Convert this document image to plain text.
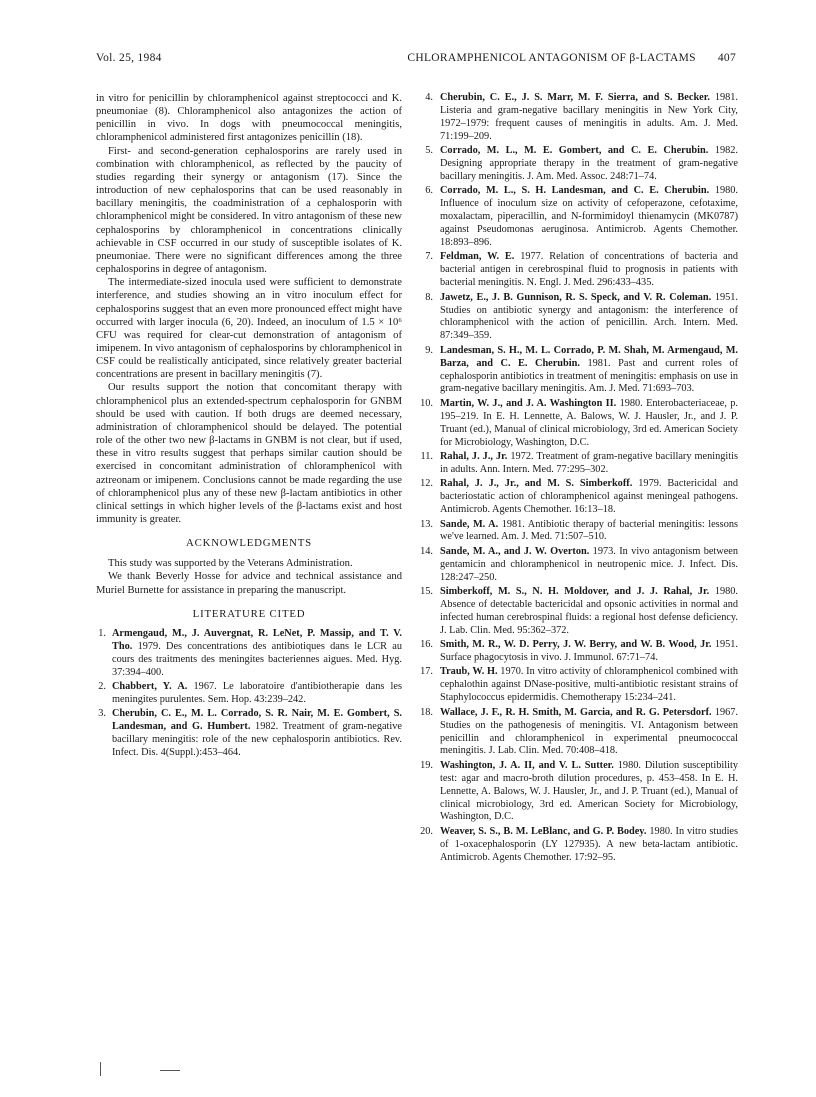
Vol. 25, 1984	CHLORAMPHENICOL ANTAGONISM OF β-LACTAMS 407

in vitro for penicillin by chloramphenicol against streptococci and K. pneumoniae (8). Chloramphenicol also antagonizes the action of penicillin in vivo. In dogs with pneumococcal meningitis, chloramphenicol administered first antagonizes penicillin (18).

First- and second-generation cephalosporins are rarely used in combination with chloramphenicol, as reflected by the paucity of studies regarding their synergy or antagonism (17). Since the introduction of new cephalosporins that can be used reasonably in bacillary meningitis, the coadministration of a cephalosporin with chloramphenicol might be considered. In vitro antagonism of these new cephalosporins by chloramphenicol in concentrations clinically achievable in CSF occurred in our study of susceptible isolates of K. pneumoniae. There were no significant differences among the three cephalosporins in degree of antagonism.

The intermediate-sized inocula used were sufficient to demonstrate interference, and studies showing an in vitro inoculum effect for cephalosporins suggest that an even more pronounced effect might have occurred with larger inocula (6, 20). Indeed, an inoculum of 1.5 × 10⁶ CFU was required for clear-cut demonstration of antagonism of imipenem. In vivo antagonism of cephalosporins by chloramphenicol in CSF could be realistically anticipated, since relatively greater bacterial concentrations are present in bacillary meningitis (7).

Our results support the notion that concomitant therapy with chloramphenicol plus an extended-spectrum cephalosporin for GNBM should be used with caution. If both drugs are deemed necessary, administration of chloramphenicol should be delayed. The potential role of the other two new β-lactams in GNBM is not clear, but if used, these in vitro results suggest that perhaps similar caution should be exercised in concomitant administration of chloramphenicol with aztreonam or imipenem. Conclusions cannot be made regarding the use of chloramphenicol plus any of these new β-lactam antibiotics in other clinical settings in which higher levels of the β-lactams exist and host immunity is greater.

ACKNOWLEDGMENTS

This study was supported by the Veterans Administration.

We thank Beverly Hosse for advice and technical assistance and Muriel Burnette for assistance in preparing the manuscript.

LITERATURE CITED
1. Armengaud, M., J. Auvergnat, R. LeNet, P. Massip, and T. V. Tho. 1979. Des concentrations des antibiotiques dans le LCR au cours des traitments des meningites bacteriennes aigues. Med. Hyg. 37:394–400.
2. Chabbert, Y. A. 1967. Le laboratoire d'antibiotherapie dans les meningites purulentes. Sem. Hop. 43:239–242.
3. Cherubin, C. E., M. L. Corrado, S. R. Nair, M. E. Gombert, S. Landesman, and G. Humbert. 1982. Treatment of gram-negative bacillary meningitis: role of the new cephalosporin antibiotics. Rev. Infect. Dis. 4(Suppl.):453–464.
4. Cherubin, C. E., J. S. Marr, M. F. Sierra, and S. Becker. 1981. Listeria and gram-negative bacillary meningitis in New York City, 1972–1979: frequent causes of meningitis in adults. Am. J. Med. 71:199–209.
5. Corrado, M. L., M. E. Gombert, and C. E. Cherubin. 1982. Designing appropriate therapy in the treatment of gram-negative bacillary meningitis. J. Am. Med. Assoc. 248:71–74.
6. Corrado, M. L., S. H. Landesman, and C. E. Cherubin. 1980. Influence of inoculum size on activity of cefoperazone, cefotaxime, moxalactam, piperacillin, and N-formimidoyl thienamycin (MK0787) against Pseudomonas aeruginosa. Antimicrob. Agents Chemother. 18:893–896.
7. Feldman, W. E. 1977. Relation of concentrations of bacteria and bacterial antigen in cerebrospinal fluid to prognosis in patients with bacterial meningitis. N. Engl. J. Med. 296:433–435.
8. Jawetz, E., J. B. Gunnison, R. S. Speck, and V. R. Coleman. 1951. Studies on antibiotic synergy and antagonism: the interference of chloramphenicol with the action of penicillin. Arch. Intern. Med. 87:349–359.
9. Landesman, S. H., M. L. Corrado, P. M. Shah, M. Armengaud, M. Barza, and C. E. Cherubin. 1981. Past and current roles of cephalosporin antibiotics in treatment of meningitis: emphasis on use in gram-negative bacillary meningitis. Am. J. Med. 71:693–703.
10. Martin, W. J., and J. A. Washington II. 1980. Enterobacteriaceae, p. 195–219. In E. H. Lennette, A. Balows, W. J. Hausler, Jr., and J. P. Truant (ed.), Manual of clinical microbiology, 3rd ed. American Society for Microbiology, Washington, D.C.
11. Rahal, J. J., Jr. 1972. Treatment of gram-negative bacillary meningitis in adults. Ann. Intern. Med. 77:295–302.
12. Rahal, J. J., Jr., and M. S. Simberkoff. 1979. Bactericidal and bacteriostatic action of chloramphenicol against meningeal pathogens. Antimicrob. Agents Chemother. 16:13–18.
13. Sande, M. A. 1981. Antibiotic therapy of bacterial meningitis: lessons we've learned. Am. J. Med. 71:507–510.
14. Sande, M. A., and J. W. Overton. 1973. In vivo antagonism between gentamicin and chloramphenicol in neutropenic mice. J. Infect. Dis. 128:247–250.
15. Simberkoff, M. S., N. H. Moldover, and J. J. Rahal, Jr. 1980. Absence of detectable bactericidal and opsonic activities in normal and infected human cerebrospinal fluids: a regional host defense deficiency. J. Lab. Clin. Med. 95:362–372.
16. Smith, M. R., W. D. Perry, J. W. Berry, and W. B. Wood, Jr. 1951. Surface phagocytosis in vivo. J. Immunol. 67:71–74.
17. Traub, W. H. 1970. In vitro activity of chloramphenicol combined with cephalothin against DNase-positive, multi-antibiotic resistant strains of Staphylococcus epidermidis. Chemotherapy 15:234–241.
18. Wallace, J. F., R. H. Smith, M. Garcia, and R. G. Petersdorf. 1967. Studies on the pathogenesis of meningitis. VI. Antagonism between penicillin and chloramphenicol in experimental pneumococcal meningitis. J. Lab. Clin. Med. 70:408–418.
19. Washington, J. A. II, and V. L. Sutter. 1980. Dilution susceptibility test: agar and macro-broth dilution procedures, p. 453–458. In E. H. Lennette, A. Balows, W. J. Hausler, Jr., and J. P. Truant (ed.), Manual of clinical microbiology, 3rd ed. American Society for Microbiology, Washington, D.C.
20. Weaver, S. S., B. M. LeBlanc, and G. P. Bodey. 1980. In vitro studies of 1-oxacephalosporin (LY 127935). A new beta-lactam antibiotic. Antimicrob. Agents Chemother. 17:92–95.
